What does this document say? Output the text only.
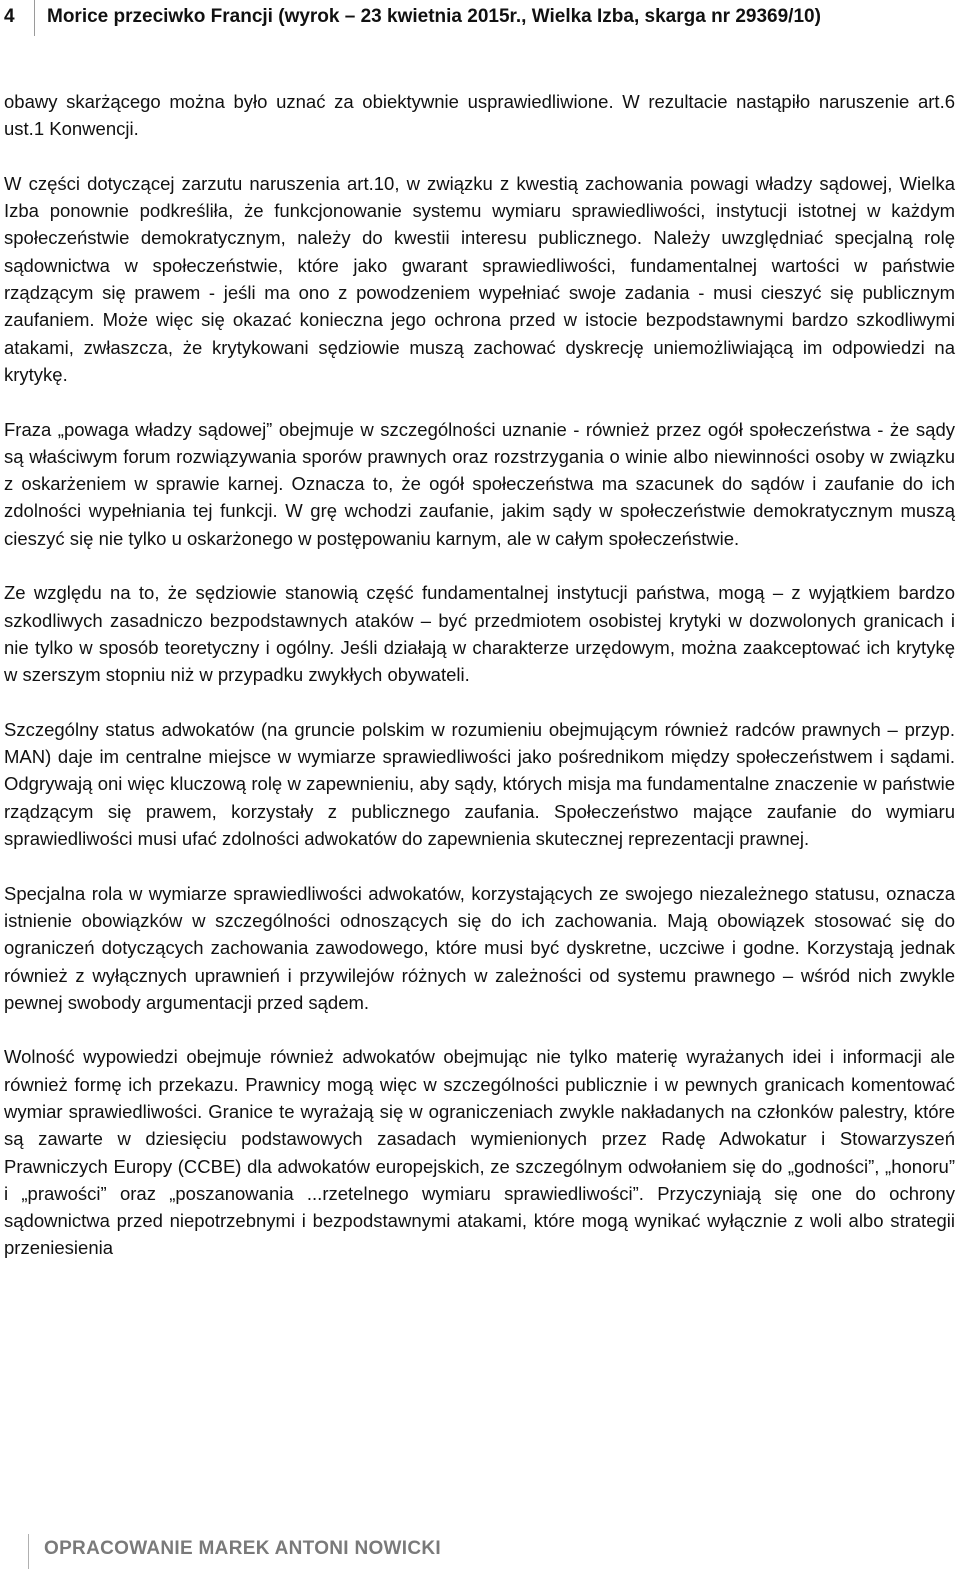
4 Morice przeciwko Francji (wyrok – 23 kwietnia 2015r., Wielka Izba, skarga nr 29369/10)

obawy skarżącego można było uznać za obiektywnie usprawiedliwione. W rezultacie nastąpiło naruszenie art.6 ust.1 Konwencji.

W części dotyczącej zarzutu naruszenia art.10, w związku z kwestią zachowania powagi władzy sądowej, Wielka Izba ponownie podkreśliła, że funkcjonowanie systemu wymiaru sprawiedliwości, instytucji istotnej w każdym społeczeństwie demokratycznym, należy do kwestii interesu publicznego. Należy uwzględniać specjalną rolę sądownictwa w społeczeństwie, które jako gwarant sprawiedliwości, fundamentalnej wartości w państwie rządzącym się prawem - jeśli ma ono z powodzeniem wypełniać swoje zadania - musi cieszyć się publicznym zaufaniem. Może więc się okazać konieczna jego ochrona przed w istocie bezpodstawnymi bardzo szkodliwymi atakami, zwłaszcza, że krytykowani sędziowie muszą zachować dyskrecję uniemożliwiającą im odpowiedzi na krytykę.

Fraza „powaga władzy sądowej” obejmuje w szczególności uznanie - również przez ogół społeczeństwa - że sądy są właściwym forum rozwiązywania sporów prawnych oraz rozstrzygania o winie albo niewinności osoby w związku z oskarżeniem w sprawie karnej. Oznacza to, że ogół społeczeństwa ma szacunek do sądów i zaufanie do ich zdolności wypełniania tej funkcji. W grę wchodzi zaufanie, jakim sądy w społeczeństwie demokratycznym muszą cieszyć się nie tylko u oskarżonego w postępowaniu karnym, ale w całym społeczeństwie.

Ze względu na to, że sędziowie stanowią część fundamentalnej instytucji państwa, mogą – z wyjątkiem bardzo szkodliwych zasadniczo bezpodstawnych ataków – być przedmiotem osobistej krytyki w dozwolonych granicach i nie tylko w sposób teoretyczny i ogólny. Jeśli działają w charakterze urzędowym, można zaakceptować ich krytykę w szerszym stopniu niż w przypadku zwykłych obywateli.

Szczególny status adwokatów (na gruncie polskim w rozumieniu obejmującym również radców prawnych – przyp. MAN) daje im centralne miejsce w wymiarze sprawiedliwości jako pośrednikom między społeczeństwem i sądami. Odgrywają oni więc kluczową rolę w zapewnieniu, aby sądy, których misja ma fundamentalne znaczenie w państwie rządzącym się prawem, korzystały z publicznego zaufania. Społeczeństwo mające zaufanie do wymiaru sprawiedliwości musi ufać zdolności adwokatów do zapewnienia skutecznej reprezentacji prawnej.

Specjalna rola w wymiarze sprawiedliwości adwokatów, korzystających ze swojego niezależnego statusu, oznacza istnienie obowiązków w szczególności odnoszących się do ich zachowania. Mają obowiązek stosować się do ograniczeń dotyczących zachowania zawodowego, które musi być dyskretne, uczciwe i godne. Korzystają jednak również z wyłącznych uprawnień i przywilejów różnych w zależności od systemu prawnego – wśród nich zwykle pewnej swobody argumentacji przed sądem.

Wolność wypowiedzi obejmuje również adwokatów obejmując nie tylko materię wyrażanych idei i informacji ale również formę ich przekazu. Prawnicy mogą więc w szczególności publicznie i w pewnych granicach komentować wymiar sprawiedliwości. Granice te wyrażają się w ograniczeniach zwykle nakładanych na członków palestry, które są zawarte w dziesięciu podstawowych zasadach wymienionych przez Radę Adwokatur i Stowarzyszeń Prawniczych Europy (CCBE) dla adwokatów europejskich, ze szczególnym odwołaniem się do „godności”, „honoru” i „prawości” oraz „poszanowania ...rzetelnego wymiaru sprawiedliwości”. Przyczyniają się one do ochrony sądownictwa przed niepotrzebnymi i bezpodstawnymi atakami, które mogą wynikać wyłącznie z woli albo strategii przeniesienia

OPRACOWANIE MAREK ANTONI NOWICKI
